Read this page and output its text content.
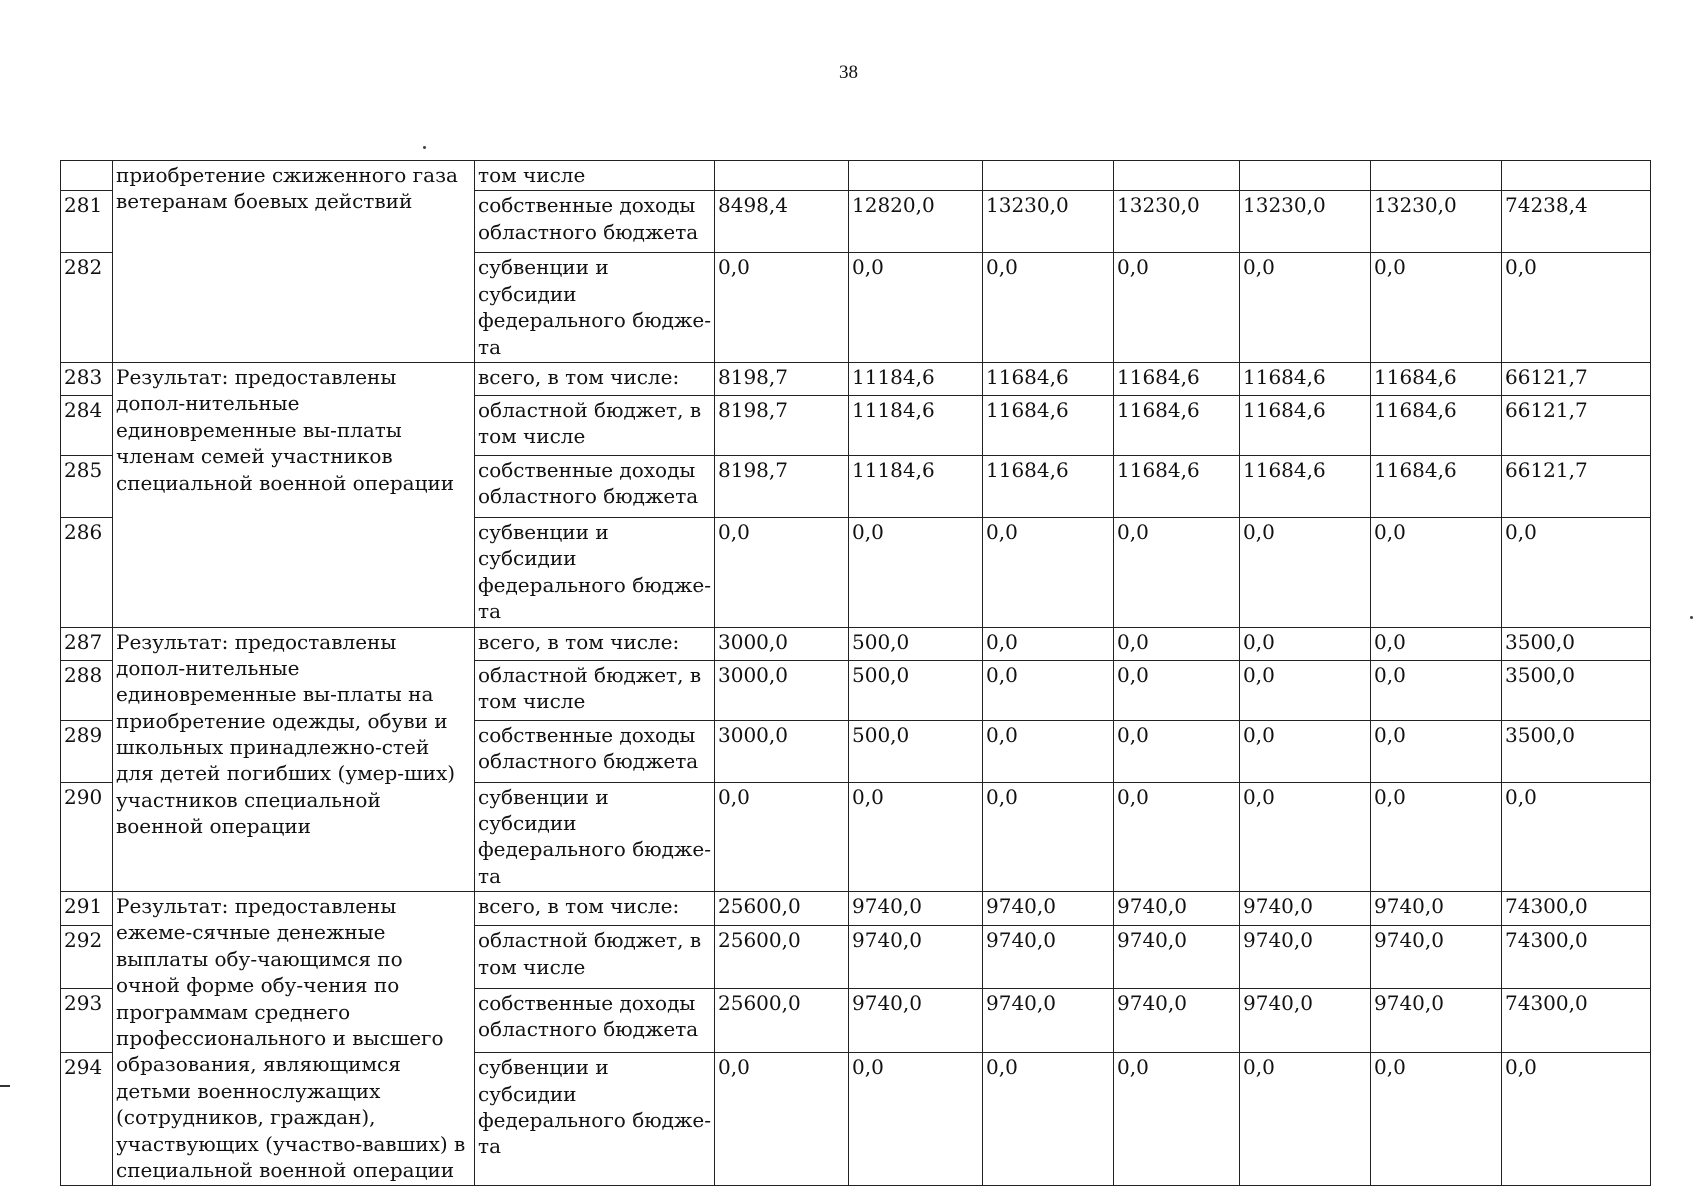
38
	приобретение сжиженного газа ветеранам боевых действий	том числе							
281		собственные доходы областного бюджета	8498,4	12820,0	13230,0	13230,0	13230,0	13230,0	74238,4
282		субвенции и субсидии федерального бюдже-та	0,0	0,0	0,0	0,0	0,0	0,0	0,0
283	Результат: предоставлены допол-нительные единовременные вы-платы членам семей участников специальной военной операции	всего, в том числе:	8198,7	11184,6	11684,6	11684,6	11684,6	11684,6	66121,7
284		областной бюджет, в том числе	8198,7	11184,6	11684,6	11684,6	11684,6	11684,6	66121,7
285		собственные доходы областного бюджета	8198,7	11184,6	11684,6	11684,6	11684,6	11684,6	66121,7
286		субвенции и субсидии федерального бюдже-та	0,0	0,0	0,0	0,0	0,0	0,0	0,0
287	Результат: предоставлены допол-нительные единовременные вы-платы на приобретение одежды, обуви и школьных принадлежно-стей для детей погибших (умер-ших) участников специальной военной операции	всего, в том числе:	3000,0	500,0	0,0	0,0	0,0	0,0	3500,0
288		областной бюджет, в том числе	3000,0	500,0	0,0	0,0	0,0	0,0	3500,0
289		собственные доходы областного бюджета	3000,0	500,0	0,0	0,0	0,0	0,0	3500,0
290		субвенции и субсидии федерального бюдже-та	0,0	0,0	0,0	0,0	0,0	0,0	0,0
291	Результат: предоставлены ежеме-сячные денежные выплаты обу-чающимся по очной форме обу-чения по программам среднего профессионального и высшего образования, являющимся детьми военнослужащих (сотрудников, граждан), участвующих (участво-вавших) в специальной военной операции	всего, в том числе:	25600,0	9740,0	9740,0	9740,0	9740,0	9740,0	74300,0
292		областной бюджет, в том числе	25600,0	9740,0	9740,0	9740,0	9740,0	9740,0	74300,0
293		собственные доходы областного бюджета	25600,0	9740,0	9740,0	9740,0	9740,0	9740,0	74300,0
294		субвенции и субсидии федерального бюдже-та	0,0	0,0	0,0	0,0	0,0	0,0	0,0
